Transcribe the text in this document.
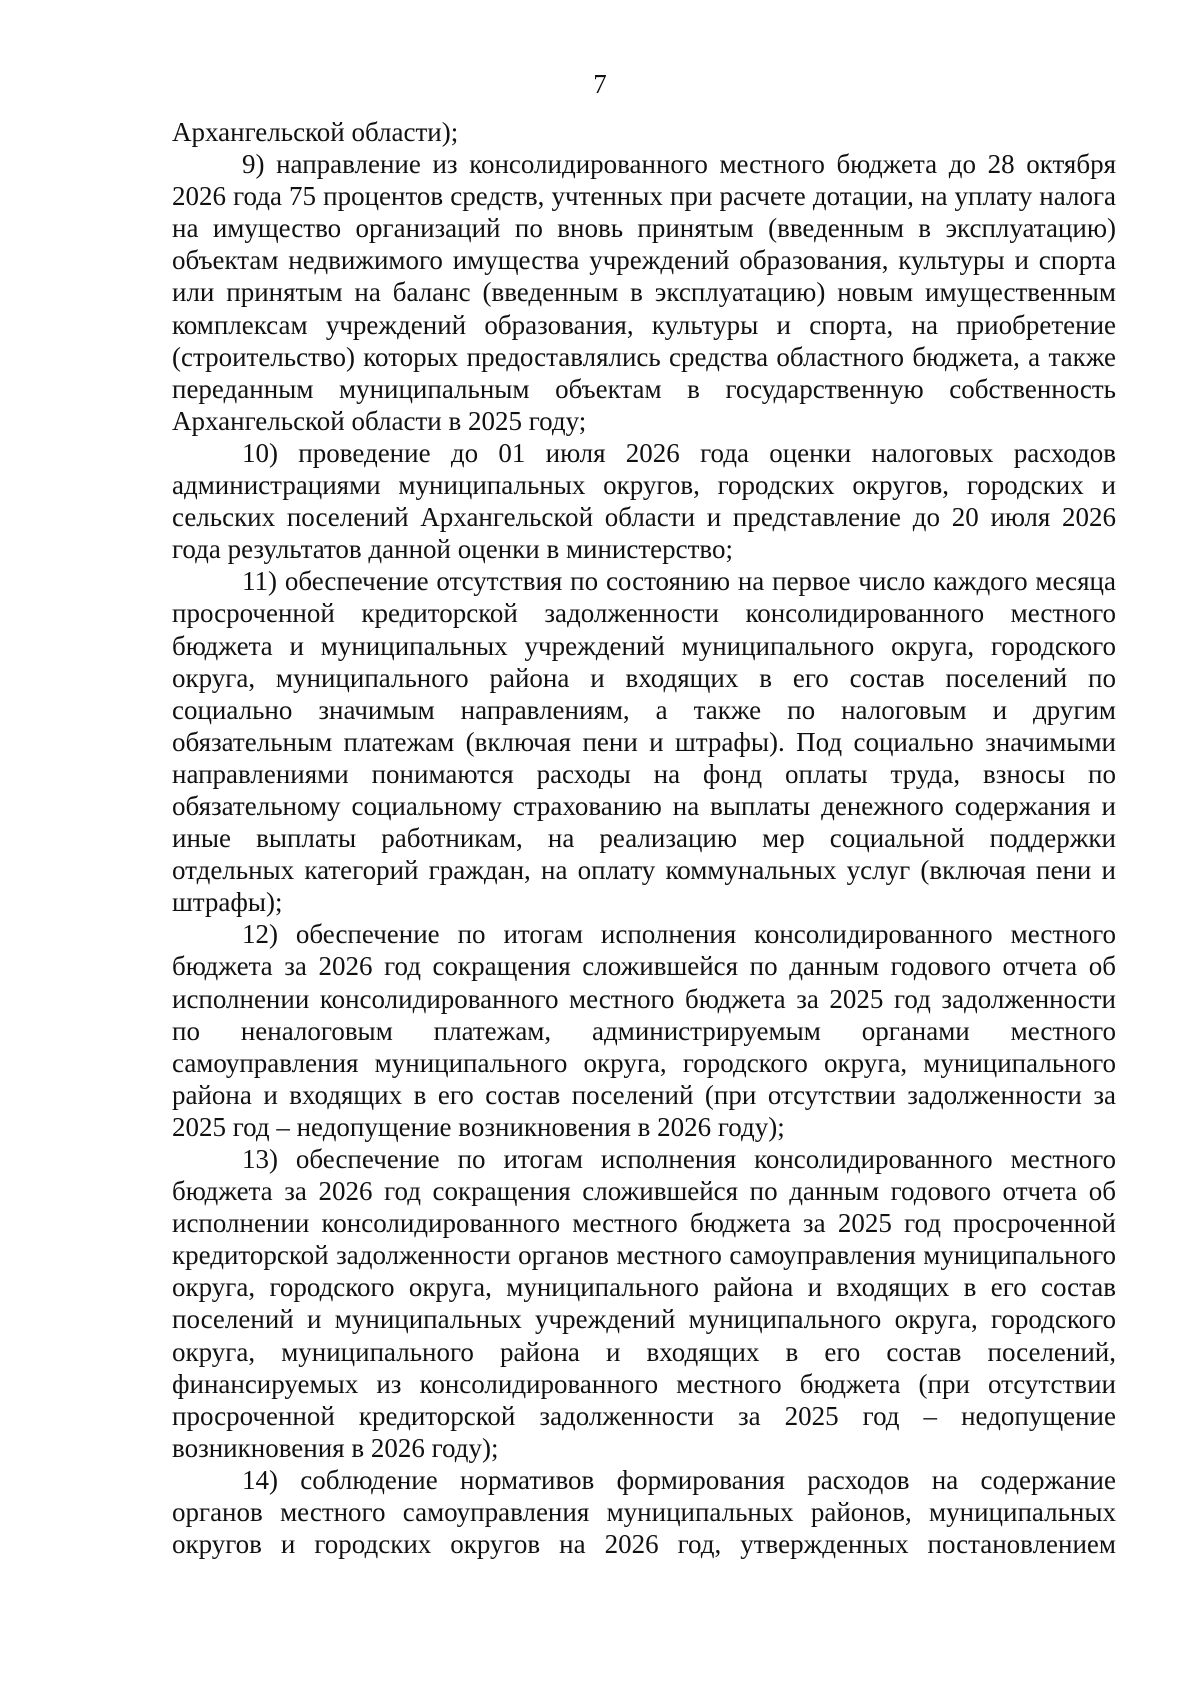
7

Архангельской области);

9) направление из консолидированного местного бюджета до 28 октября 2026 года 75 процентов средств, учтенных при расчете дотации, на уплату налога на имущество организаций по вновь принятым (введенным в эксплуатацию) объектам недвижимого имущества учреждений образования, культуры и спорта или принятым на баланс (введенным в эксплуатацию) новым имущественным комплексам учреждений образования, культуры и спорта, на приобретение (строительство) которых предоставлялись средства областного бюджета, а также переданным муниципальным объектам в государственную собственность Архангельской области в 2025 году;

10) проведение до 01 июля 2026 года оценки налоговых расходов администрациями муниципальных округов, городских округов, городских и сельских поселений Архангельской области и представление до 20 июля 2026 года результатов данной оценки в министерство;

11) обеспечение отсутствия по состоянию на первое число каждого месяца просроченной кредиторской задолженности консолидированного местного бюджета и муниципальных учреждений муниципального округа, городского округа, муниципального района и входящих в его состав поселений по социально значимым направлениям, а также по налоговым и другим обязательным платежам (включая пени и штрафы). Под социально значимыми направлениями понимаются расходы на фонд оплаты труда, взносы по обязательному социальному страхованию на выплаты денежного содержания и иные выплаты работникам, на реализацию мер социальной поддержки отдельных категорий граждан, на оплату коммунальных услуг (включая пени и штрафы);

12) обеспечение по итогам исполнения консолидированного местного бюджета за 2026 год сокращения сложившейся по данным годового отчета об исполнении консолидированного местного бюджета за 2025 год задолженности по неналоговым платежам, администрируемым органами местного самоуправления муниципального округа, городского округа, муниципального района и входящих в его состав поселений (при отсутствии задолженности за 2025 год – недопущение возникновения в 2026 году);

13) обеспечение по итогам исполнения консолидированного местного бюджета за 2026 год сокращения сложившейся по данным годового отчета об исполнении консолидированного местного бюджета за 2025 год просроченной кредиторской задолженности органов местного самоуправления муниципального округа, городского округа, муниципального района и входящих в его состав поселений и муниципальных учреждений муниципального округа, городского округа, муниципального района и входящих в его состав поселений, финансируемых из консолидированного местного бюджета (при отсутствии просроченной кредиторской задолженности за 2025 год – недопущение возникновения в 2026 году);

14) соблюдение нормативов формирования расходов на содержание органов местного самоуправления муниципальных районов, муниципальных округов и городских округов на 2026 год, утвержденных постановлением
